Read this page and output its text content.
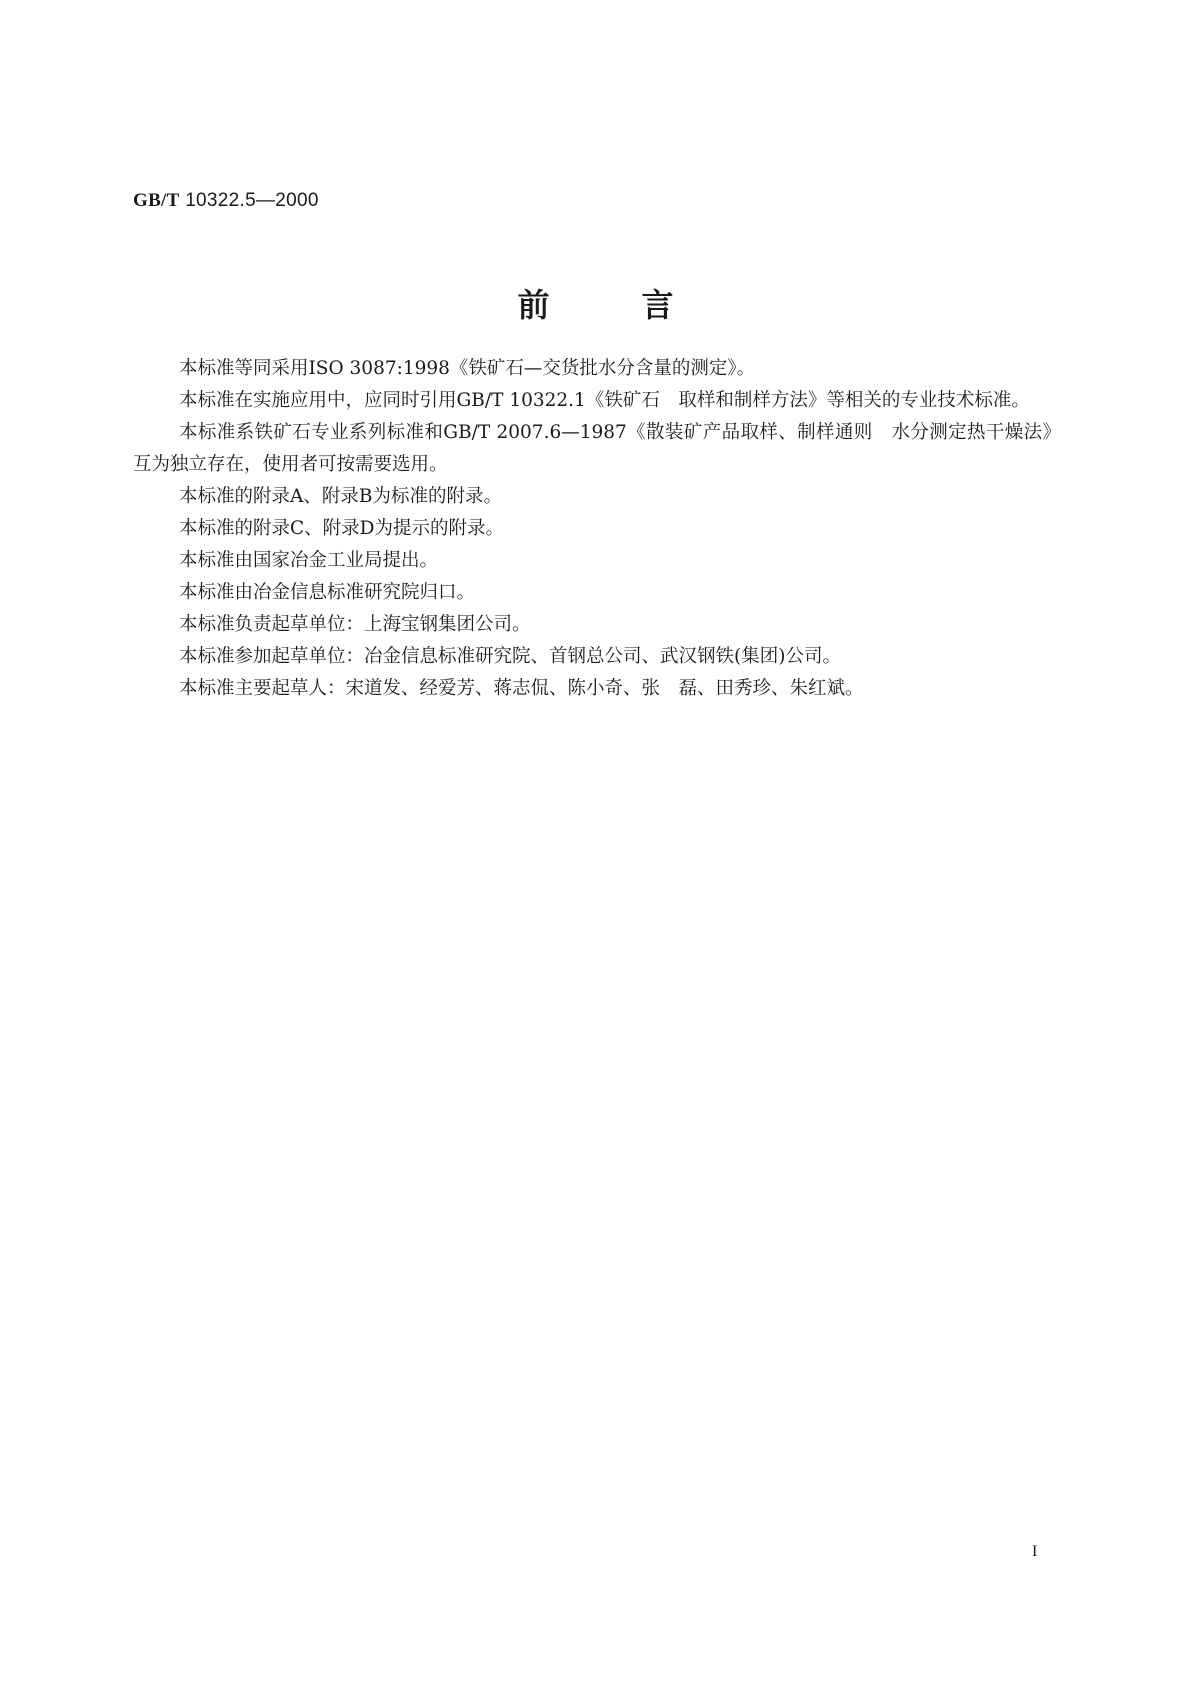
GB/T 10322.5—2000
前言

本标准等同采用ISO 3087:1998《铁矿石—交货批水分含量的测定》。

本标准在实施应用中，应同时引用GB/T 10322.1《铁矿石　取样和制样方法》等相关的专业技术标准。

本标准系铁矿石专业系列标准和GB/T 2007.6—1987《散装矿产品取样、制样通则　水分测定热干燥法》互为独立存在，使用者可按需要选用。

本标准的附录A、附录B为标准的附录。

本标准的附录C、附录D为提示的附录。

本标准由国家冶金工业局提出。

本标准由冶金信息标准研究院归口。

本标准负责起草单位：上海宝钢集团公司。

本标准参加起草单位：冶金信息标准研究院、首钢总公司、武汉钢铁(集团)公司。

本标准主要起草人：宋道发、经爱芳、蒋志侃、陈小奇、张　磊、田秀珍、朱红斌。

I
